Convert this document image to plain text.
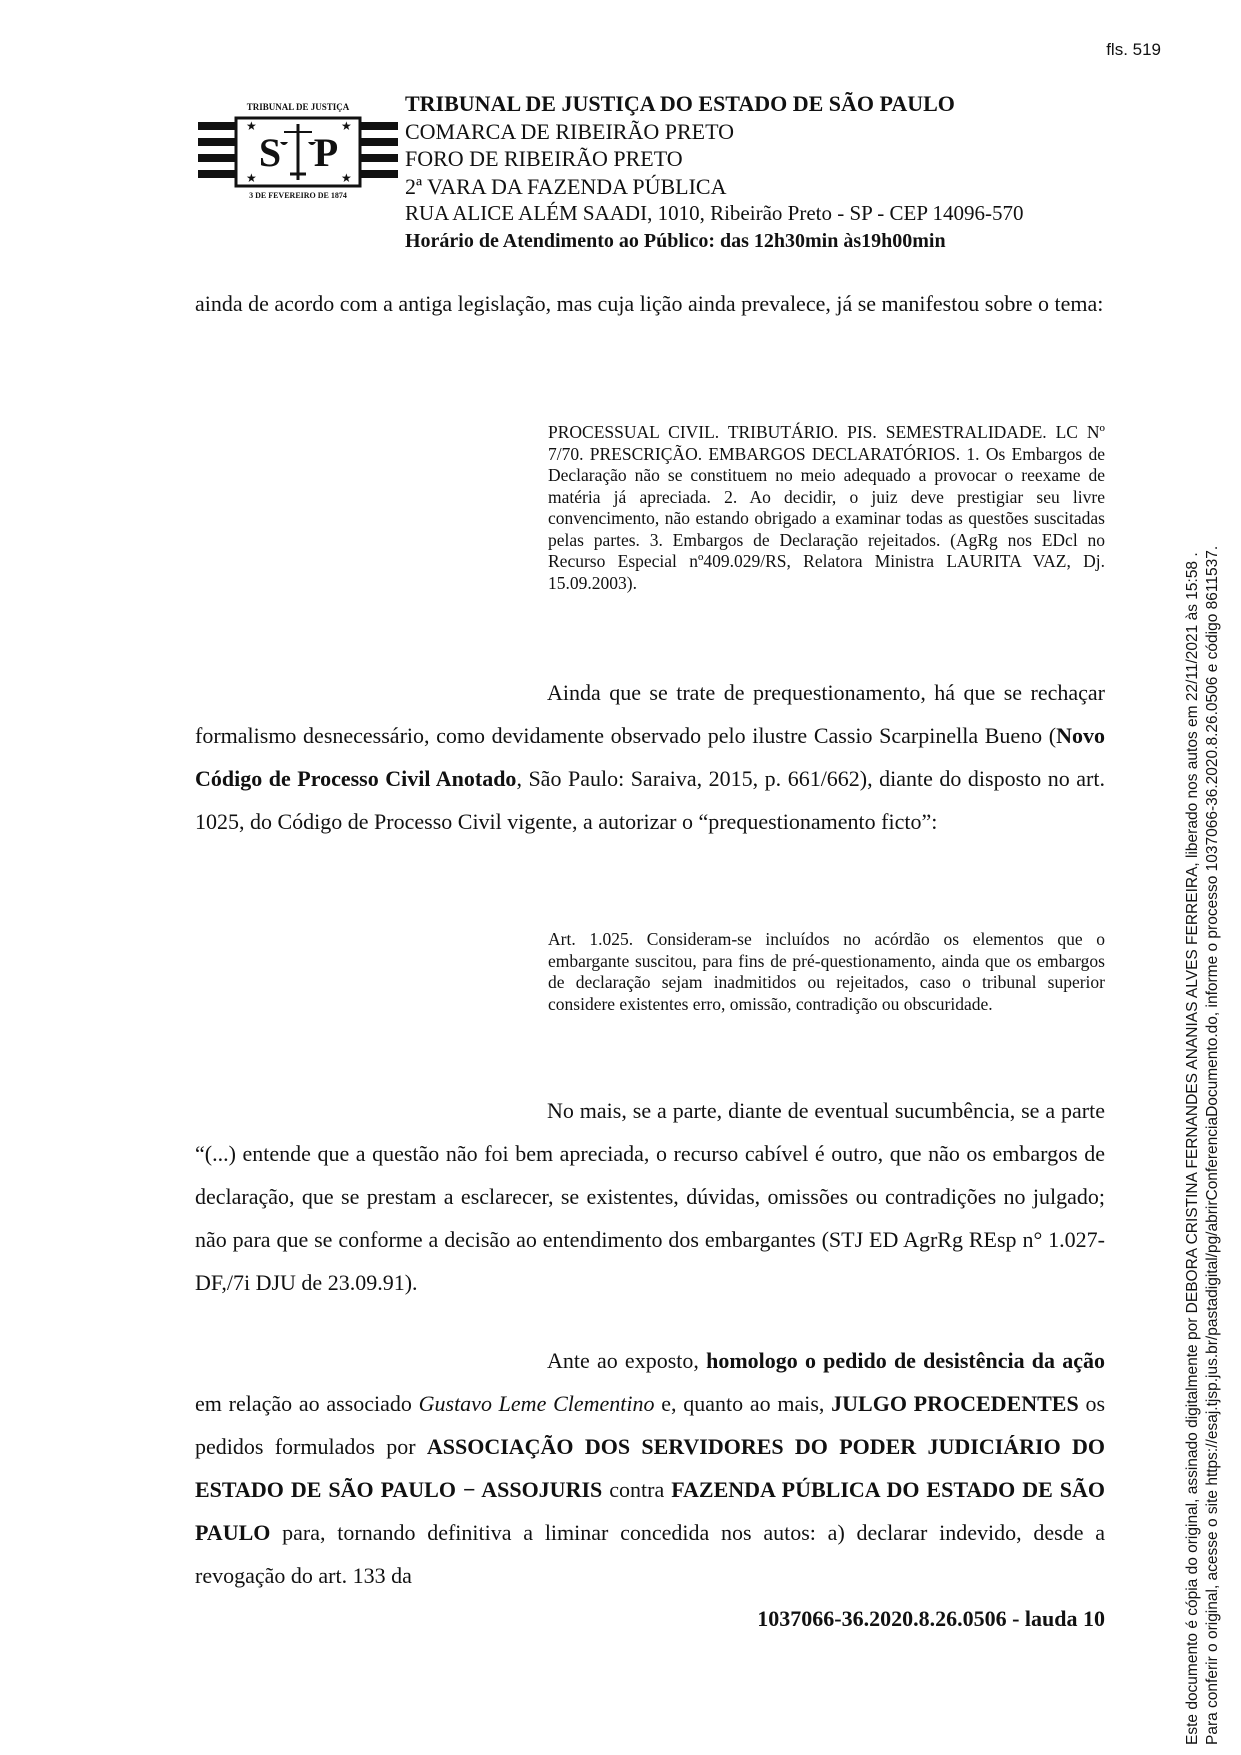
fls. 519
S P
★	★
★	★
TRIBUNAL DE JUSTIÇA
3 DE FEVEREIRO DE 1874
TRIBUNAL DE JUSTIÇA DO ESTADO DE SÃO PAULO
COMARCA DE RIBEIRÃO PRETO
FORO DE RIBEIRÃO PRETO
2ª VARA DA FAZENDA PÚBLICA
RUA ALICE ALÉM SAADI, 1010, Ribeirão Preto - SP - CEP 14096-570
Horário de Atendimento ao Público: das 12h30min às19h00min

ainda de acordo com a antiga legislação, mas cuja lição ainda prevalece, já se manifestou sobre o tema:

PROCESSUAL CIVIL. TRIBUTÁRIO. PIS. SEMESTRALIDADE. LC Nº 7/70. PRESCRIÇÃO. EMBARGOS DECLARATÓRIOS. 1. Os Embargos de Declaração não se constituem no meio adequado a provocar o reexame de matéria já apreciada. 2. Ao decidir, o juiz deve prestigiar seu livre convencimento, não estando obrigado a examinar todas as questões suscitadas pelas partes. 3. Embargos de Declaração rejeitados. (AgRg nos EDcl no Recurso Especial nº409.029/RS, Relatora Ministra LAURITA VAZ, Dj. 15.09.2003).

Ainda que se trate de prequestionamento, há que se rechaçar formalismo desnecessário, como devidamente observado pelo ilustre Cassio Scarpinella Bueno (Novo Código de Processo Civil Anotado, São Paulo: Saraiva, 2015, p. 661/662), diante do disposto no art. 1025, do Código de Processo Civil vigente, a autorizar o “prequestionamento ficto”:

Art. 1.025. Consideram-se incluídos no acórdão os elementos que o embargante suscitou, para fins de pré-questionamento, ainda que os embargos de declaração sejam inadmitidos ou rejeitados, caso o tribunal superior considere existentes erro, omissão, contradição ou obscuridade.

No mais, se a parte, diante de eventual sucumbência, se a parte “(...) entende que a questão não foi bem apreciada, o recurso cabível é outro, que não os embargos de declaração, que se prestam a esclarecer, se existentes, dúvidas, omissões ou contradições no julgado; não para que se conforme a decisão ao entendimento dos embargantes (STJ ED AgrRg REsp n° 1.027- DF,/7i DJU de 23.09.91).

Ante ao exposto, homologo o pedido de desistência da ação em relação ao associado Gustavo Leme Clementino e, quanto ao mais, JULGO PROCEDENTES os pedidos formulados por ASSOCIAÇÃO DOS SERVIDORES DO PODER JUDICIÁRIO DO ESTADO DE SÃO PAULO − ASSOJURIS contra FAZENDA PÚBLICA DO ESTADO DE SÃO PAULO para, tornando definitiva a liminar concedida nos autos: a) declarar indevido, desde a revogação do art. 133 da

1037066-36.2020.8.26.0506 - lauda 10	Este documento é cópia do original, assinado digitalmente por DEBORA CRISTINA FERNANDES ANANIAS ALVES FERREIRA, liberado nos autos em 22/11/2021 às 15:58 . Para conferir o original, acesse o site https://esaj.tjsp.jus.br/pastadigital/pg/abrirConferenciaDocumento.do, informe o processo 1037066-36.2020.8.26.0506 e código 8611537.
